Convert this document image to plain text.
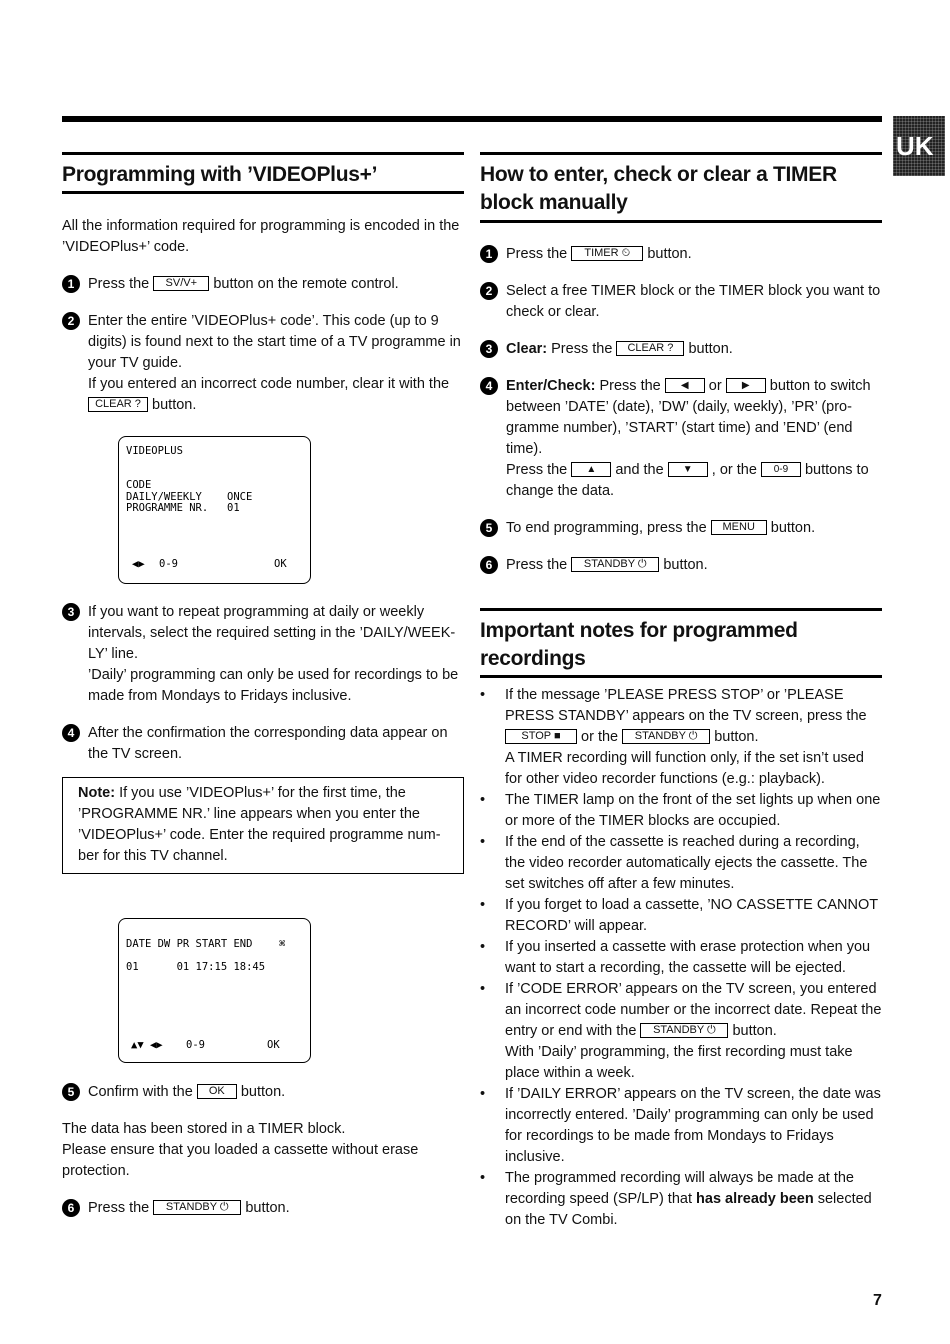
UK
Programming with ’VIDEOPlus+’

All the information required for programming is encoded in the ’VIDEOPlus+’ code.

1 Press the SV/V+ button on the remote control.
2 Enter the entire ’VIDEOPlus+ code’. This code (up to 9 digits) is found next to the start time of a TV programme in your TV guide.
If you entered an incorrect code number, clear it with the CLEAR ? button.
VIDEOPLUS
CODE
DAILY/WEEKLY ONCE
PROGRAMME NR. 01
◀▶ 0-9	OK
3 If you want to repeat programming at daily or weekly intervals, select the required setting in the ’DAILY/WEEK-LY’ line.
’Daily’ programming can only be used for recordings to be made from Mondays to Fridays inclusive.
4 After the confirmation the corresponding data appear on the TV screen.
Note: If you use ’VIDEOPlus+’ for the first time, the ’PROGRAMME NR.’ line appears when you enter the ’VIDEOPlus+’ code. Enter the required programme num-ber for this TV channel.
DATE DW PR START END	⌘
01      01 17:15 18:45
▲▼ ◀▶ 0-9	OK
5 Confirm with the OK button.

The data has been stored in a TIMER block.

Please ensure that you loaded a cassette without erase protection.

6 Press the STANDBY ⏻ button.
How to enter, check or clear a TIMER block manually
1 Press the TIMER ⏲ button.
2 Select a free TIMER block or the TIMER block you want to check or clear.
3 Clear: Press the CLEAR ? button.
4 Enter/Check: Press the ◀ or ▶ button to switch between ’DATE’ (date), ’DW’ (daily, weekly), ’PR’ (pro-gramme number), ’START’ (start time) and ’END’ (end time).
Press the ▲ and the ▼ , or the 0-9 buttons to change the data.
5 To end programming, press the MENU button.
6 Press the STANDBY ⏻ button.
Important notes for programmed recordings
• If the message ’PLEASE PRESS STOP’ or ’PLEASE PRESS STANDBY’ appears on the TV screen, press the STOP ■ or the STANDBY ⏻ button.
A TIMER recording will function only, if the set isn’t used for other video recorder functions (e.g.: playback).
• The TIMER lamp on the front of the set lights up when one or more of the TIMER blocks are occupied.
• If the end of the cassette is reached during a recording, the video recorder automatically ejects the cassette. The set switches off after a few minutes.
• If you forget to load a cassette, ’NO CASSETTE CANNOT RECORD’ will appear.
• If you inserted a cassette with erase protection when you want to start a recording, the cassette will be ejected.
• If ’CODE ERROR’ appears on the TV screen, you entered an incorrect code number or the incorrect date. Repeat the entry or end with the STANDBY ⏻ button.
With ’Daily’ programming, the first recording must take place within a week.
• If ’DAILY ERROR’ appears on the TV screen, the date was incorrectly entered. ’Daily’ programming can only be used for recordings to be made from Mondays to Fridays inclusive.
• The programmed recording will always be made at the recording speed (SP/LP) that has already been selected on the TV Combi.
7
